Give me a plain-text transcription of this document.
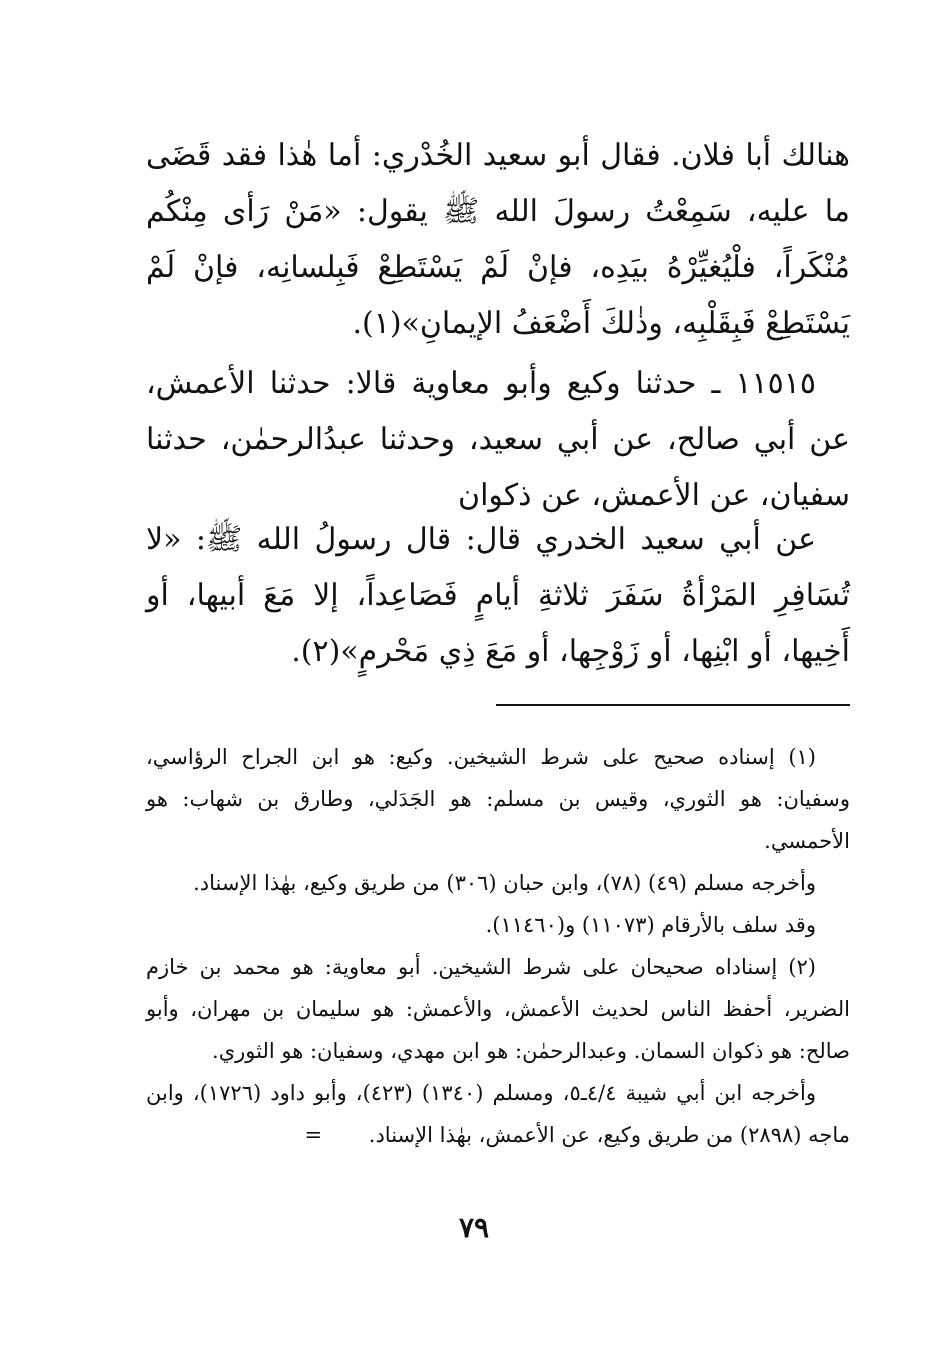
هنالك أبا فلان. فقال أبو سعيد الخُدْري: أما هٰذا فقد قَضَى ما عليه، سَمِعْتُ رسولَ الله ﷺ يقول: «مَنْ رَأى مِنْكُم مُنْكَراً، فلْيُغيِّرْهُ بيَدِه، فإنْ لَمْ يَسْتَطِعْ فَبِلسانِه، فإنْ لَمْ يَسْتَطِعْ فَبِقَلْبِه، وذٰلكَ أَضْعَفُ الإيمانِ»(١).

١١٥١٥ ـ حدثنا وكيع وأبو معاوية قالا: حدثنا الأعمش، عن أبي صالح، عن أبي سعيد، وحدثنا عبدُالرحمٰن، حدثنا سفيان، عن الأعمش، عن ذكوان

عن أبي سعيد الخدري قال: قال رسولُ الله ﷺ: «لا تُسَافِرِ المَرْأةُ سَفَرَ ثلاثةِ أيامٍ فَصَاعِداً، إلا مَعَ أبيها، أو أَخِيها، أو ابْنِها، أو زَوْجِها، أو مَعَ ذِي مَحْرمٍ»(٢).

(١) إسناده صحيح على شرط الشيخين. وكيع: هو ابن الجراح الرؤاسي، وسفيان: هو الثوري، وقيس بن مسلم: هو الجَدَلي، وطارق بن شهاب: هو الأحمسي.

وأخرجه مسلم (٤٩) (٧٨)، وابن حبان (٣٠٦) من طريق وكيع، بهٰذا الإسناد.

وقد سلف بالأرقام (١١٠٧٣) و(١١٤٦٠).

(٢) إسناداه صحيحان على شرط الشيخين. أبو معاوية: هو محمد بن خازم الضرير، أحفظ الناس لحديث الأعمش، والأعمش: هو سليمان بن مهران، وأبو صالح: هو ذكوان السمان. وعبدالرحمٰن: هو ابن مهدي، وسفيان: هو الثوري.

وأخرجه ابن أبي شيبة ٤/٤ـ٥، ومسلم (١٣٤٠) (٤٢٣)، وأبو داود (١٧٢٦)، وابن ماجه (٢٨٩٨) من طريق وكيع، عن الأعمش، بهٰذا الإسناد. =

٧٩
